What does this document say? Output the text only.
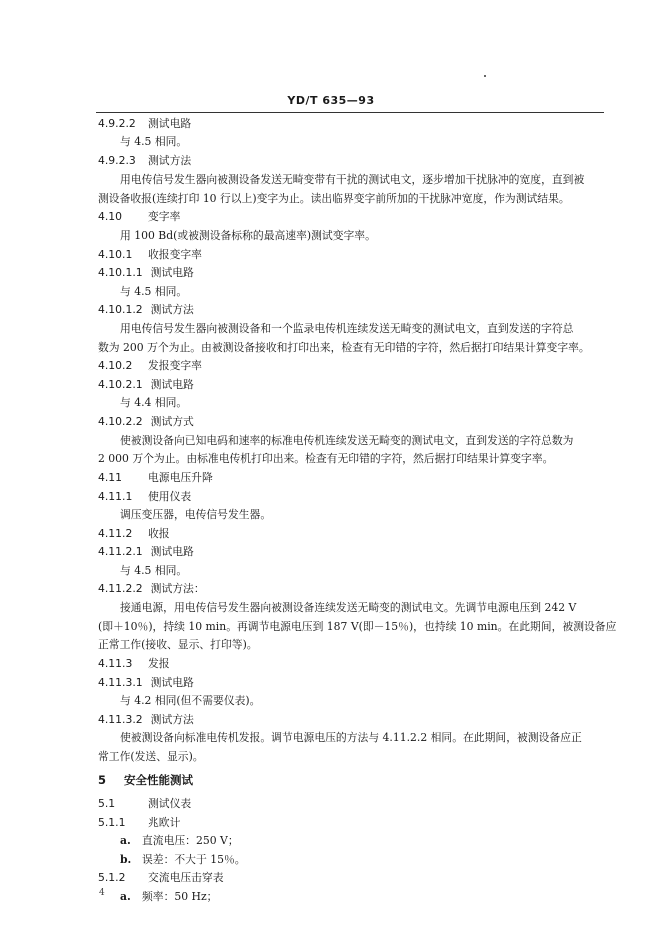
YD/T 635—93
4.9.2.2 测试电路
与 4.5 相同。
4.9.2.3 测试方法
用电传信号发生器向被测设备发送无畸变带有干扰的测试电文，逐步增加干扰脉冲的宽度，直到被
测设备收报(连续打印 10 行以上)变字为止。读出临界变字前所加的干扰脉冲宽度，作为测试结果。
4.10 变字率
用 100 Bd(或被测设备标称的最高速率)测试变字率。
4.10.1 收报变字率
4.10.1.1 测试电路
与 4.5 相同。
4.10.1.2 测试方法
用电传信号发生器向被测设备和一个监录电传机连续发送无畸变的测试电文，直到发送的字符总
数为 200 万个为止。由被测设备接收和打印出来，检查有无印错的字符，然后据打印结果计算变字率。
4.10.2 发报变字率
4.10.2.1 测试电路
与 4.4 相同。
4.10.2.2 测试方式
使被测设备向已知电码和速率的标准电传机连续发送无畸变的测试电文，直到发送的字符总数为
2 000 万个为止。由标准电传机打印出来。检查有无印错的字符，然后据打印结果计算变字率。
4.11 电源电压升降
4.11.1 使用仪表
调压变压器，电传信号发生器。
4.11.2 收报
4.11.2.1 测试电路
与 4.5 相同。
4.11.2.2 测试方法：
接通电源，用电传信号发生器向被测设备连续发送无畸变的测试电文。先调节电源电压到 242 V
(即＋10％)，持续 10 min。再调节电源电压到 187 V(即－15％)，也持续 10 min。在此期间，被测设备应
正常工作(接收、显示、打印等)。
4.11.3 发报
4.11.3.1 测试电路
与 4.2 相同(但不需要仪表)。
4.11.3.2 测试方法
使被测设备向标准电传机发报。调节电源电压的方法与 4.11.2.2 相同。在此期间，被测设备应正
常工作(发送、显示)。
5 安全性能测试
5.1	测试仪表
5.1.1 兆欧计
a. 直流电压：250 V；
b. 误差：不大于 15％。
5.1.2 交流电压击穿表
a. 频率：50 Hz；
4
